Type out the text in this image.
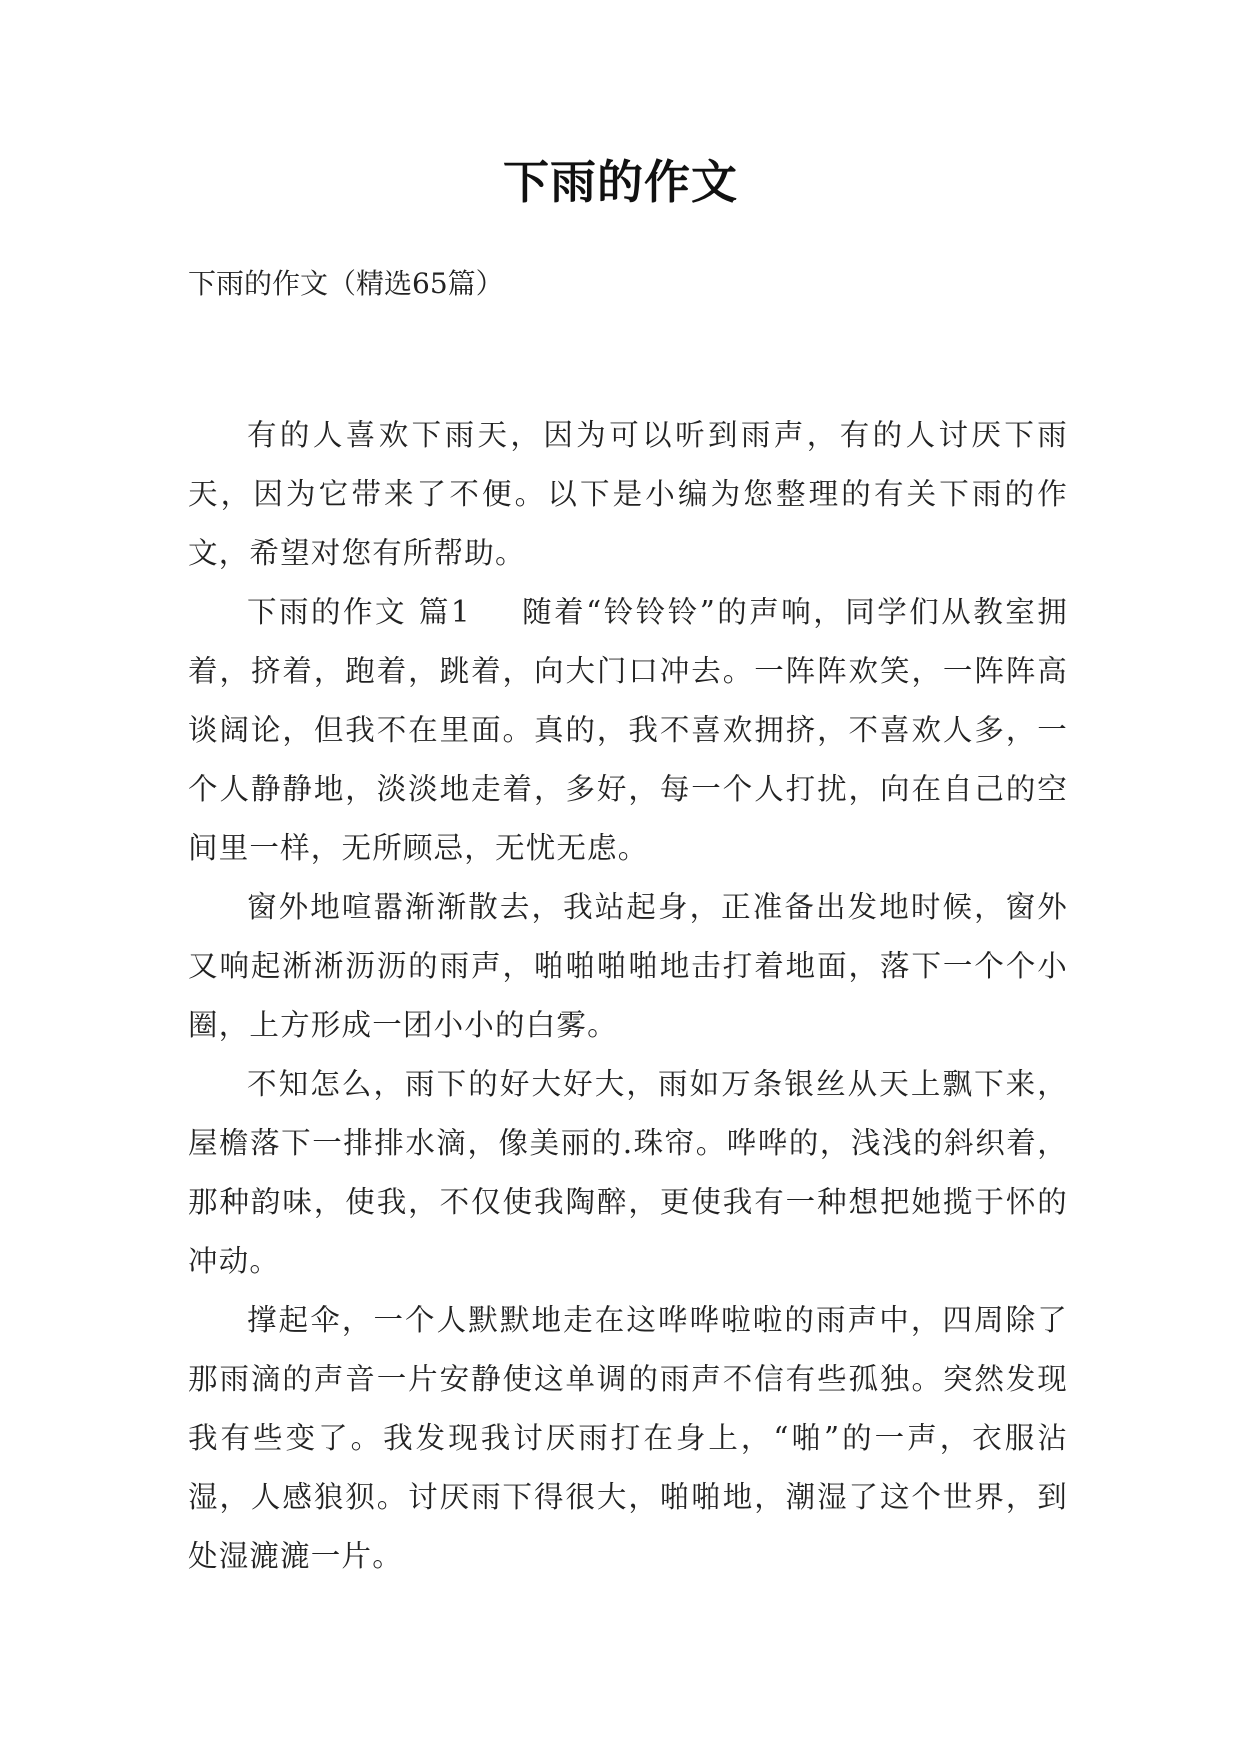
下雨的作文
下雨的作文（精选65篇）

有的人喜欢下雨天，因为可以听到雨声，有的人讨厌下雨天，因为它带来了不便。以下是小编为您整理的有关下雨的作文，希望对您有所帮助。

下雨的作文 篇1 随着“铃铃铃”的声响，同学们从教室拥着，挤着，跑着，跳着，向大门口冲去。一阵阵欢笑，一阵阵高谈阔论，但我不在里面。真的，我不喜欢拥挤，不喜欢人多，一个人静静地，淡淡地走着，多好，每一个人打扰，向在自己的空间里一样，无所顾忌，无忧无虑。

窗外地喧嚣渐渐散去，我站起身，正准备出发地时候，窗外又响起淅淅沥沥的雨声，啪啪啪啪地击打着地面，落下一个个小圈，上方形成一团小小的白雾。

不知怎么，雨下的好大好大，雨如万条银丝从天上飘下来，屋檐落下一排排水滴，像美丽的.珠帘。哗哗的，浅浅的斜织着，那种韵味，使我，不仅使我陶醉，更使我有一种想把她揽于怀的冲动。

撑起伞，一个人默默地走在这哗哗啦啦的雨声中，四周除了那雨滴的声音一片安静使这单调的雨声不信有些孤独。突然发现我有些变了。我发现我讨厌雨打在身上，“啪”的一声，衣服沾湿，人感狼狈。讨厌雨下得很大，啪啪地，潮湿了这个世界，到处湿漉漉一片。
